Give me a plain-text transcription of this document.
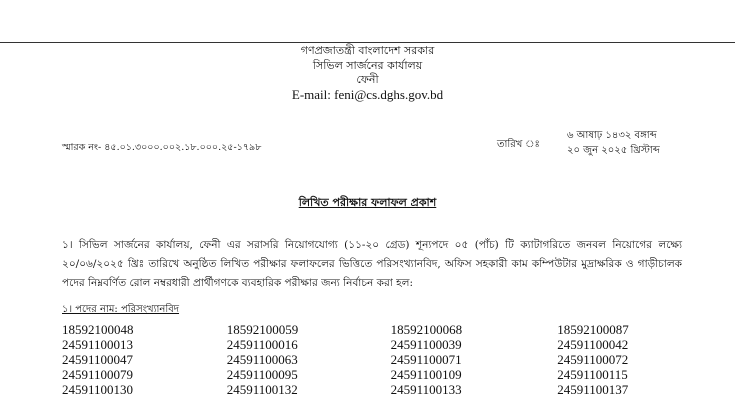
গণপ্রজাতন্ত্রী বাংলাদেশ সরকার
সিভিল সার্জনের কার্যালয়
ফেনী
E-mail: feni@cs.dghs.gov.bd
স্মারক নং- ৪৫.০১.৩০০০.০০২.১৮.০০০.২৫-১৭৯৮	তারিখ ঃ
৬ আষাঢ় ১৪৩২ বঙ্গাব্দ
২০ জুন ২০২৫ খ্রিস্টাব্দ
লিখিত পরীক্ষার ফলাফল প্রকাশ
১। সিভিল সার্জনের কার্যালয়, ফেনী এর সরাসরি নিয়োগযোগ্য (১১-২০ গ্রেড) শূন্যপদে ০৫ (পাঁচ) টি ক্যাটাগরিতে জনবল নিয়োগের লক্ষ্যে ২০/০৬/২০২৫ খ্রিঃ তারিখে অনুষ্ঠিত লিখিত পরীক্ষার ফলাফলের ভিত্তিতে পরিসংখ্যানবিদ, অফিস সহকারী কাম কম্পিউটার মুদ্রাক্ষরিক ও গাড়ীচালক পদের নিম্নবর্ণিত রোল নম্বরধারী প্রার্থীগণকে ব্যবহারিক পরীক্ষার জন্য নির্বাচন করা হল:
১। পদের নাম: পরিসংখ্যানবিদ
18592100048	18592100059	18592100068	18592100087
24591100013	24591100016	24591100039	24591100042
24591100047	24591100063	24591100071	24591100072
24591100079	24591100095	24591100109	24591100115
24591100130	24591100132	24591100133	24591100137
